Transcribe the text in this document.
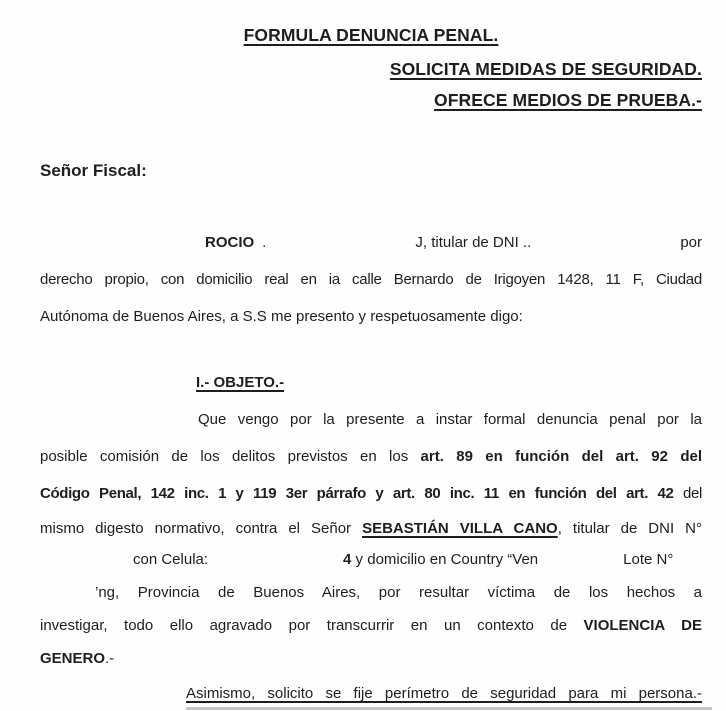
FORMULA DENUNCIA PENAL.
SOLICITA MEDIDAS DE SEGURIDAD.
OFRECE MEDIOS DE PRUEBA.-
Señor Fiscal:
ROCIO .	J, titular de DNI ..	por
derecho propio, con domicilio real en ia calle Bernardo de Irigoyen 1428, 11 F, Ciudad
Autónoma de Buenos Aires, a S.S me presento y respetuosamente digo:
I.- OBJETO.-
Que vengo por la presente a instar formal denuncia penal por la
posible comisión de los delitos previstos en los art. 89 en función del art. 92 del
Código Penal, 142 inc. 1 y 119 3er párrafo y art. 80 inc. 11 en función del art. 42 del
mismo digesto normativo, contra el Señor SEBASTIÁN VILLA CANO, titular de DNI N°
con Celula:	4 y domicilio en Country “Ven	Lote N°
’ng, Provincia de Buenos Aires, por resultar víctima de los hechos a
investigar, todo ello agravado por transcurrir en un contexto de VIOLENCIA DE
GENERO.-
Asimismo, solicito se fije perímetro de seguridad para mi persona.-
